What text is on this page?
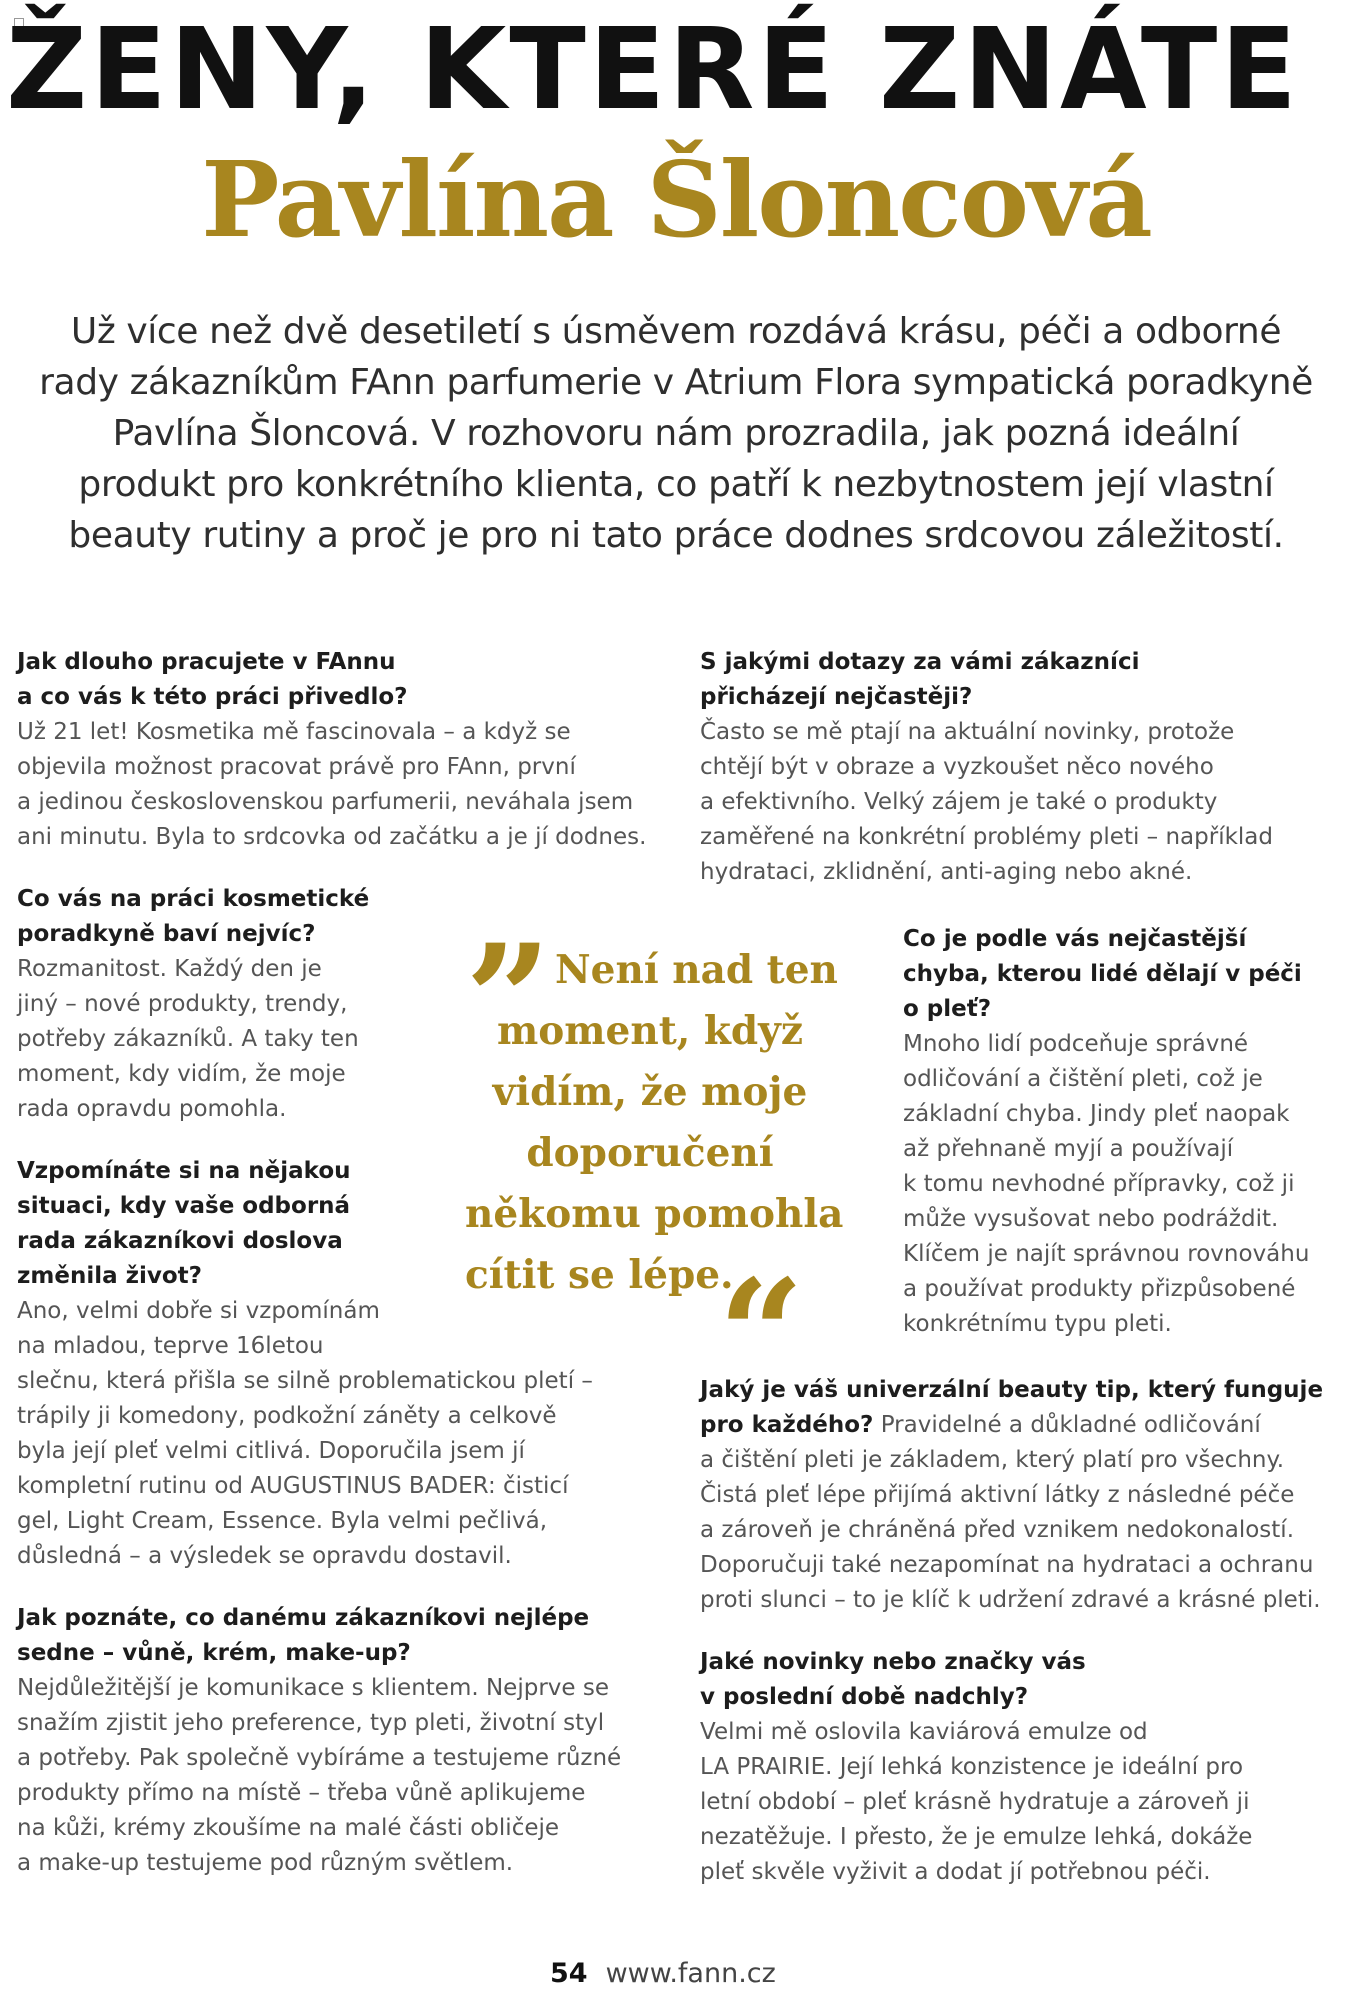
ŽENY, KTERÉ ZNÁTE
Pavlína Šloncová
Už více než dvě desetiletí s úsměvem rozdává krásu, péči a odborné
rady zákazníkům FAnn parfumerie v Atrium Flora sympatická poradkyně
Pavlína Šloncová. V rozhovoru nám prozradila, jak pozná ideální
produkt pro konkrétního klienta, co patří k nezbytnostem její vlastní
beauty rutiny a proč je pro ni tato práce dodnes srdcovou záležitostí.
Jak dlouho pracujete v FAnnu
a co vás k této práci přivedlo?
Už 21 let! Kosmetika mě fascinovala – a když se
objevila možnost pracovat právě pro FAnn, první
a jedinou československou parfumerii, neváhala jsem
ani minutu. Byla to srdcovka od začátku a je jí dodnes.
Co vás na práci kosmetické
poradkyně baví nejvíc?
Rozmanitost. Každý den je
jiný – nové produkty, trendy,
potřeby zákazníků. A taky ten
moment, kdy vidím, že moje
rada opravdu pomohla.
Vzpomínáte si na nějakou
situaci, kdy vaše odborná
rada zákazníkovi doslova
změnila život?
Ano, velmi dobře si vzpomínám
na mladou, teprve 16letou
slečnu, která přišla se silně problematickou pletí –
trápily ji komedony, podkožní záněty a celkově
byla její pleť velmi citlivá. Doporučila jsem jí
kompletní rutinu od AUGUSTINUS BADER: čisticí
gel, Light Cream, Essence. Byla velmi pečlivá,
důsledná – a výsledek se opravdu dostavil.
Jak poznáte, co danému zákazníkovi nejlépe
sedne – vůně, krém, make-up?
Nejdůležitější je komunikace s klientem. Nejprve se
snažím zjistit jeho preference, typ pleti, životní styl
a potřeby. Pak společně vybíráme a testujeme různé
produkty přímo na místě – třeba vůně aplikujeme
na kůži, krémy zkoušíme na malé části obličeje
a make-up testujeme pod různým světlem.
” Není nad ten
moment, když
vidím, že moje
doporučení
někomu pomohla
cítit se lépe.
“
S jakými dotazy za vámi zákazníci
přicházejí nejčastěji?
Často se mě ptají na aktuální novinky, protože
chtějí být v obraze a vyzkoušet něco nového
a efektivního. Velký zájem je také o produkty
zaměřené na konkrétní problémy pleti – například
hydrataci, zklidnění, anti-aging nebo akné.
Co je podle vás nejčastější
chyba, kterou lidé dělají v péči
o pleť?
Mnoho lidí podceňuje správné
odličování a čištění pleti, což je
základní chyba. Jindy pleť naopak
až přehnaně myjí a používají
k tomu nevhodné přípravky, což ji
může vysušovat nebo podráždit.
Klíčem je najít správnou rovnováhu
a používat produkty přizpůsobené
konkrétnímu typu pleti.
Jaký je váš univerzální beauty tip, který funguje
pro každého? Pravidelné a důkladné odličování
a čištění pleti je základem, který platí pro všechny.
Čistá pleť lépe přijímá aktivní látky z následné péče
a zároveň je chráněná před vznikem nedokonalostí.
Doporučuji také nezapomínat na hydrataci a ochranu
proti slunci – to je klíč k udržení zdravé a krásné pleti.
Jaké novinky nebo značky vás
v poslední době nadchly?
Velmi mě oslovila kaviárová emulze od
LA PRAIRIE. Její lehká konzistence je ideální pro
letní období – pleť krásně hydratuje a zároveň ji
nezatěžuje. I přesto, že je emulze lehká, dokáže
pleť skvěle vyživit a dodat jí potřebnou péči.
54 www.fann.cz
